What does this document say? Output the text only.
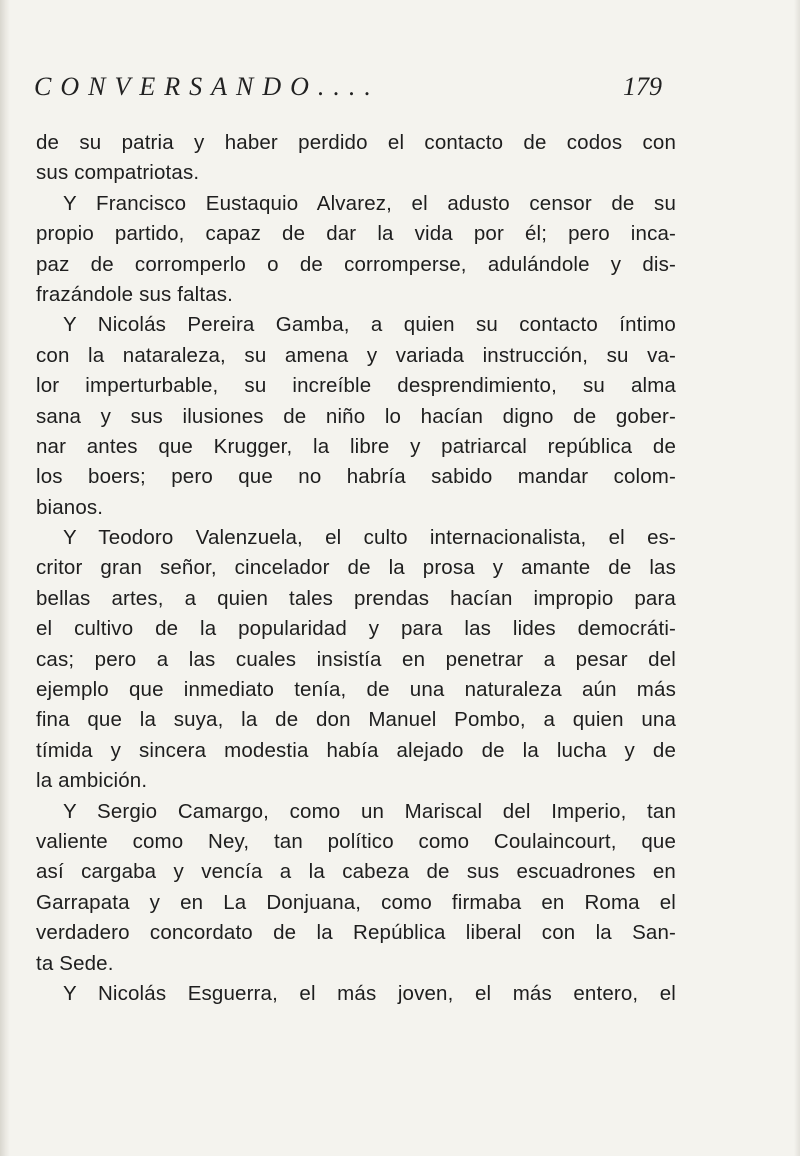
CONVERSANDO....	179
de su patria y haber perdido el contacto de codos con
sus compatriotas.
Y Francisco Eustaquio Alvarez, el adusto censor de su
propio partido, capaz de dar la vida por él; pero inca-
paz de corromperlo o de corromperse, adulándole y dis-
frazándole sus faltas.
Y Nicolás Pereira Gamba, a quien su contacto íntimo
con la nataraleza, su amena y variada instrucción, su va-
lor imperturbable, su increíble desprendimiento, su alma
sana y sus ilusiones de niño lo hacían digno de gober-
nar antes que Krugger, la libre y patriarcal república de
los boers; pero que no habría sabido mandar colom-
bianos.
Y Teodoro Valenzuela, el culto internacionalista, el es-
critor gran señor, cincelador de la prosa y amante de las
bellas artes, a quien tales prendas hacían impropio para
el cultivo de la popularidad y para las lides democráti-
cas; pero a las cuales insistía en penetrar a pesar del
ejemplo que inmediato tenía, de una naturaleza aún más
fina que la suya, la de don Manuel Pombo, a quien una
tímida y sincera modestia había alejado de la lucha y de
la ambición.
Y Sergio Camargo, como un Mariscal del Imperio, tan
valiente como Ney, tan político como Coulaincourt, que
así cargaba y vencía a la cabeza de sus escuadrones en
Garrapata y en La Donjuana, como firmaba en Roma el
verdadero concordato de la República liberal con la San-
ta Sede.
Y Nicolás Esguerra, el más joven, el más entero, el
